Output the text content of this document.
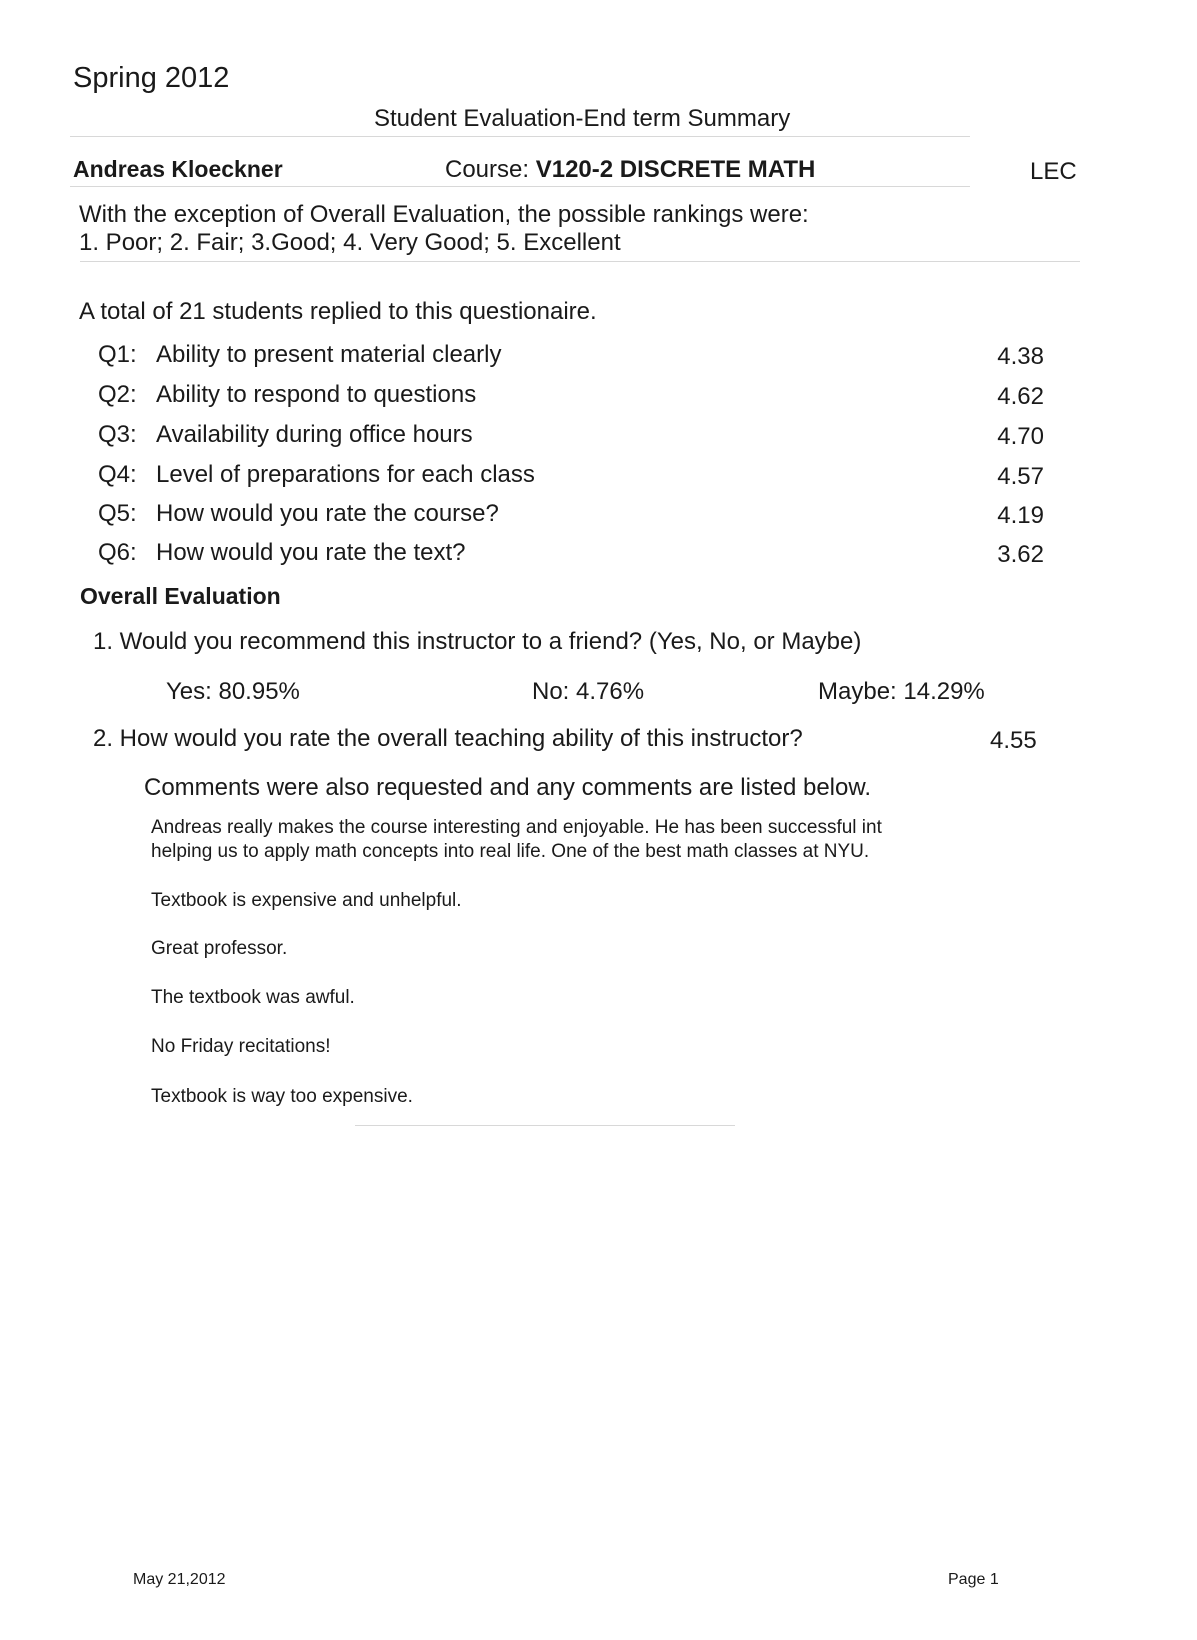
Spring 2012
Student Evaluation-End term Summary
Andreas Kloeckner	Course: V120-2 DISCRETE MATH	LEC
With the exception of Overall Evaluation, the possible rankings were:
1. Poor; 2. Fair; 3.Good; 4. Very Good; 5. Excellent
A total of 21 students replied to this questionaire.
Q1: Ability to present material clearly	4.38
Q2: Ability to respond to questions	4.62
Q3: Availability during office hours	4.70
Q4: Level of preparations for each class	4.57
Q5: How would you rate the course?	4.19
Q6: How would you rate the text?	3.62
Overall Evaluation
1. Would you recommend this instructor to a friend? (Yes, No, or Maybe)
Yes: 80.95%	No: 4.76%	Maybe: 14.29%
2. How would you rate the overall teaching ability of this instructor?	4.55
Comments were also requested and any comments are listed below.
Andreas really makes the course interesting and enjoyable. He has been successful int
helping us to apply math concepts into real life. One of the best math classes at NYU.
Textbook is expensive and unhelpful.
Great professor.
The textbook was awful.
No Friday recitations!
Textbook is way too expensive.
May 21,2012	Page 1
